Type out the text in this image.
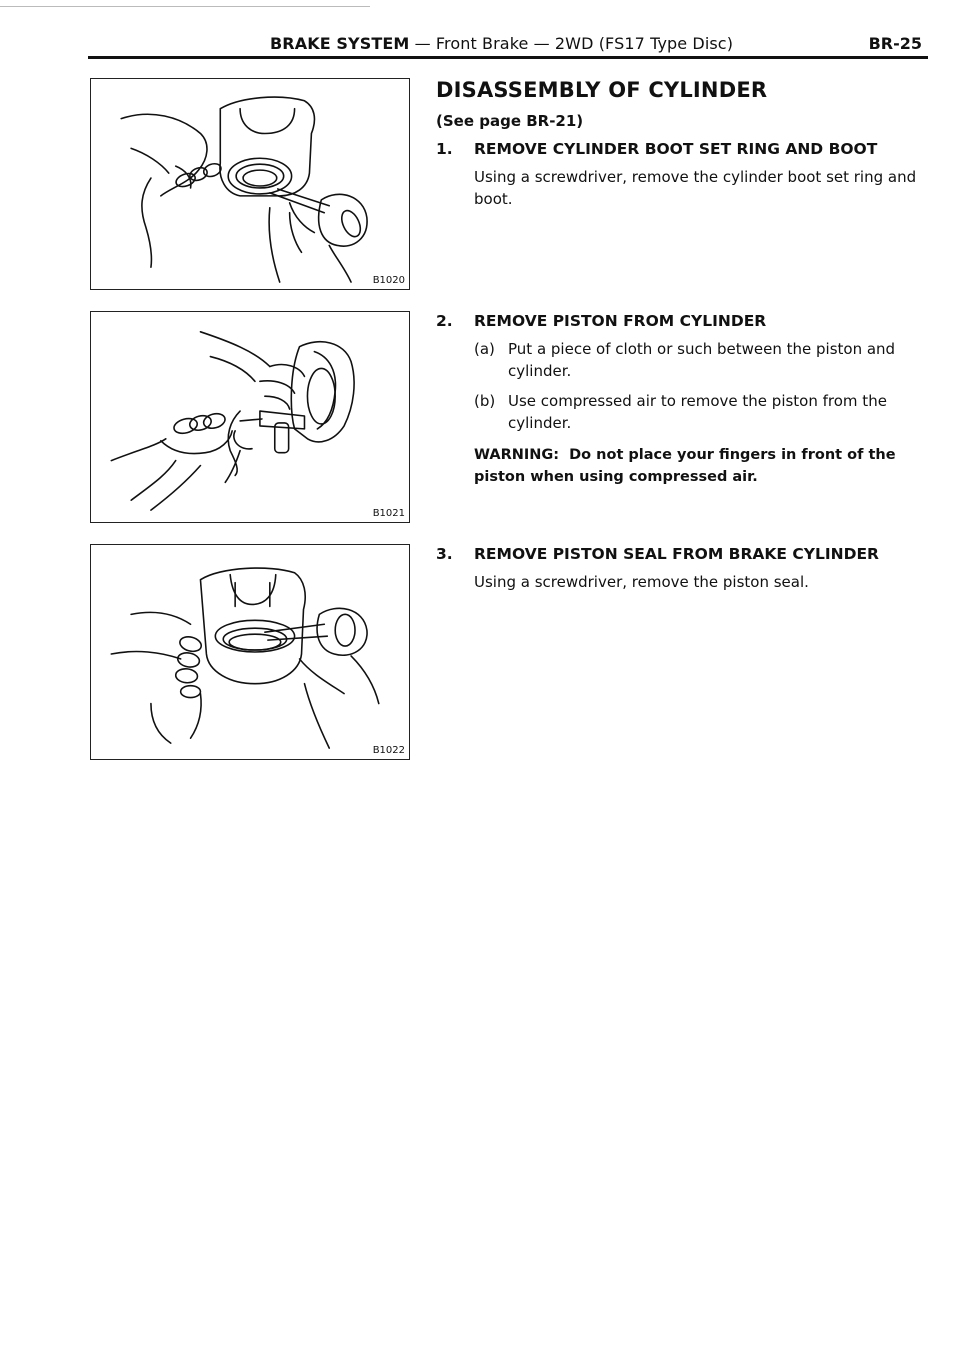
BRAKE SYSTEM — Front Brake — 2WD (FS17 Type Disc)	BR-25
B1020
B1021
B1022
DISASSEMBLY OF CYLINDER
(See page BR-21)
1.	REMOVE CYLINDER BOOT SET RING AND BOOT
Using a screwdriver, remove the cylinder boot set ring and boot.
2.	REMOVE PISTON FROM CYLINDER
(a) Put a piece of cloth or such between the piston and cylinder.
(b) Use compressed air to remove the piston from the cylinder.
WARNING: Do not place your fingers in front of the piston when using compressed air.
3.	REMOVE PISTON SEAL FROM BRAKE CYLINDER
Using a screwdriver, remove the piston seal.
